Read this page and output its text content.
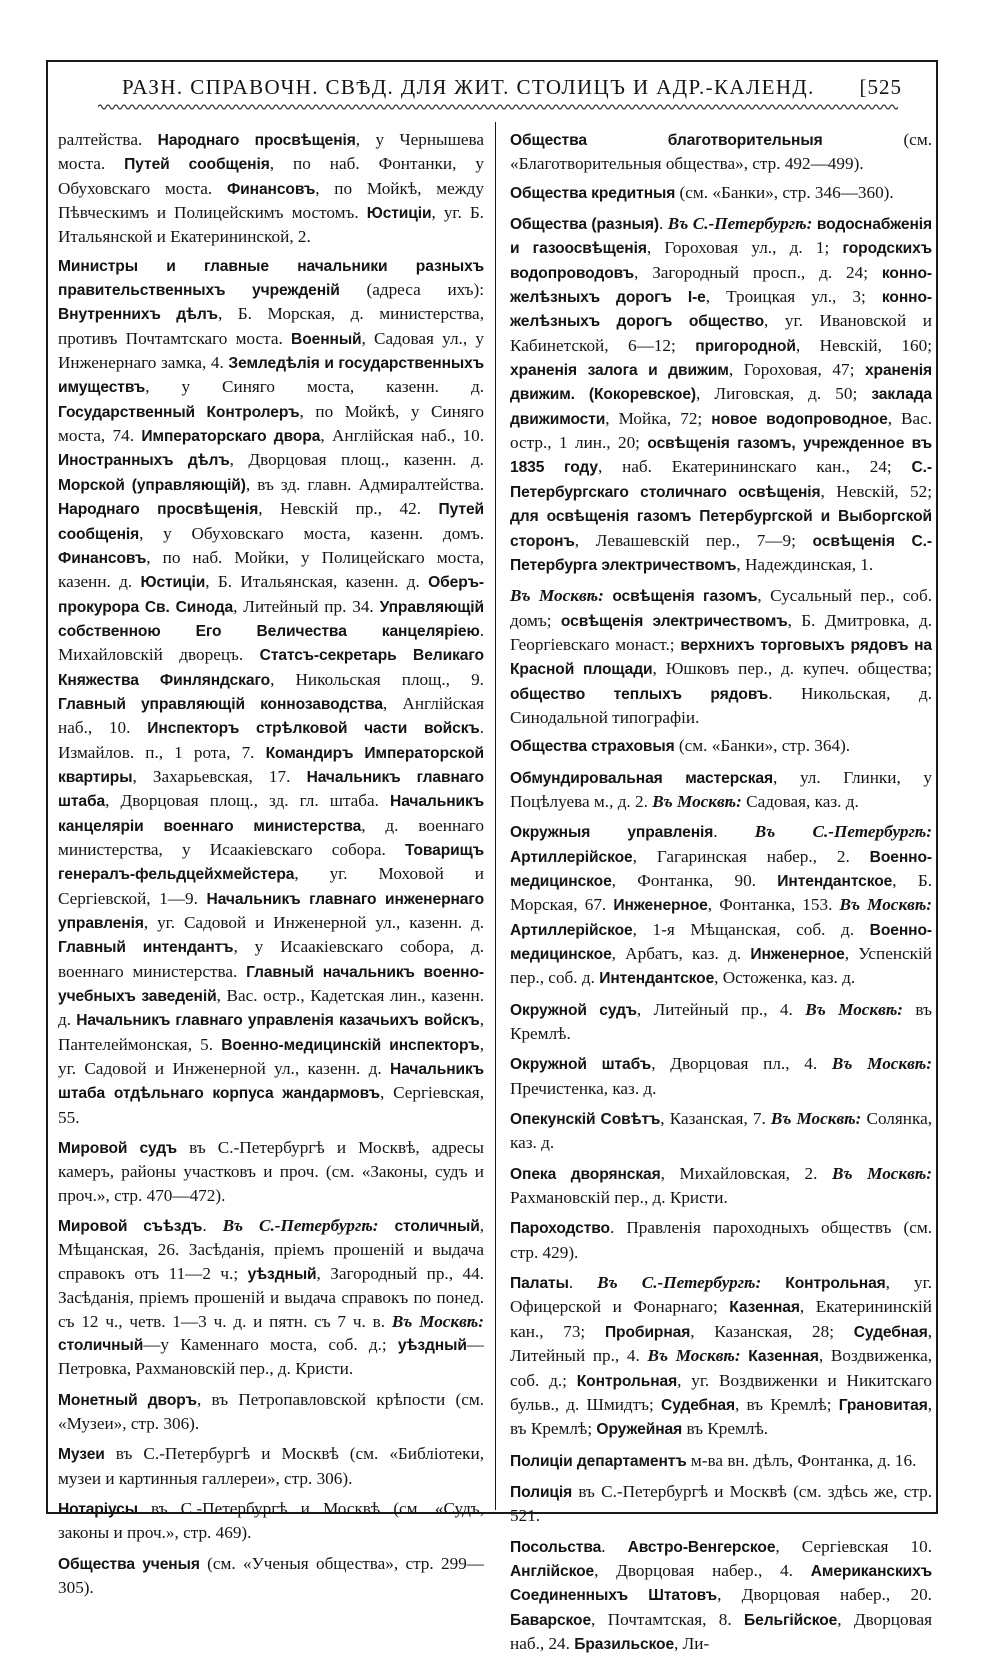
РАЗН. СПРАВОЧН. СВѢД. ДЛЯ ЖИТ. СТОЛИЦЪ И АДР.-КАЛЕНД. [525

ралтейства. Народнаго просвѣщенія, у Чернышева моста. Путей сообщенія, по наб. Фонтанки, у Обуховскаго моста. Финансовъ, по Мойкѣ, между Пѣвческимъ и Полицейскимъ мостомъ. Юстиціи, уг. Б. Итальянской и Екатерининской, 2.

Министры и главные начальники разныхъ правительственныхъ учрежденій (адреса ихъ): Внутреннихъ дѣлъ, Б. Морская, д. министерства, противъ Почтамтскаго моста. Военный, Садовая ул., у Инженернаго замка, 4. Земледѣлія и государственныхъ имуществъ, у Синяго моста, казенн. д. Государственный Контролеръ, по Мойкѣ, у Синяго моста, 74. Императорскаго двора, Англійская наб., 10. Иностранныхъ дѣлъ, Дворцовая площ., казенн. д. Морской (управляющій), въ зд. главн. Адмиралтейства. Народнаго просвѣщенія, Невскій пр., 42. Путей сообщенія, у Обуховскаго моста, казенн. домъ. Финансовъ, по наб. Мойки, у Полицейскаго моста, казенн. д. Юстиціи, Б. Итальянская, казенн. д. Оберъ-прокурора Св. Синода, Литейный пр. 34. Управляющій собственною Его Величества канцеляріею. Михайловскій дворецъ. Статсъ-секретарь Великаго Княжества Финляндскаго, Никольская площ., 9. Главный управляющій коннозаводства, Англійская наб., 10. Инспекторъ стрѣлковой части войскъ. Измайлов. п., 1 рота, 7. Командиръ Императорской квартиры, Захарьевская, 17. Начальникъ главнаго штаба, Дворцовая площ., зд. гл. штаба. Начальникъ канцеляріи военнаго министерства, д. военнаго министерства, у Исаакіевскаго собора. Товарищъ генералъ-фельдцейхмейстера, уг. Моховой и Сергіевской, 1—9. Начальникъ главнаго инженернаго управленія, уг. Садовой и Инженерной ул., казенн. д. Главный интендантъ, у Исаакіевскаго собора, д. военнаго министерства. Главный начальникъ военно-учебныхъ заведеній, Вас. остр., Кадетская лин., казенн. д. Начальникъ главнаго управленія казачьихъ войскъ, Пантелеймонская, 5. Военно-медицинскій инспекторъ, уг. Садовой и Инженерной ул., казенн. д. Начальникъ штаба отдѣльнаго корпуса жандармовъ, Сергіевская, 55.

Мировой судъ въ С.-Петербургѣ и Москвѣ, адресы камеръ, районы участковъ и проч. (см. «Законы, судъ и проч.», стр. 470—472).

Мировой съѣздъ. Въ С.-Петербургѣ: столичный, Мѣщанская, 26. Засѣданія, пріемъ прошеній и выдача справокъ отъ 11—2 ч.; уѣздный, Загородный пр., 44. Засѣданія, пріемъ прошеній и выдача справокъ по понед. съ 12 ч., четв. 1—3 ч. д. и пятн. съ 7 ч. в. Въ Москвѣ: столичный—у Каменнаго моста, соб. д.; уѣздный—Петровка, Рахмановскій пер., д. Кристи.

Монетный дворъ, въ Петропавловской крѣпости (см. «Музеи», стр. 306).

Музеи въ С.-Петербургѣ и Москвѣ (см. «Библіотеки, музеи и картинныя галлереи», стр. 306).

Нотаріусы въ С.-Петербургѣ и Москвѣ (см. «Судъ, законы и проч.», стр. 469).

Общества ученыя (см. «Ученыя общества», стр. 299—305).

Общества благотворительныя (см. «Благотворительныя общества», стр. 492—499).

Общества кредитныя (см. «Банки», стр. 346—360).

Общества (разныя). Въ С.-Петербургѣ: водоснабженія и газоосвѣщенія, Гороховая ул., д. 1; городскихъ водопроводовъ, Загородный просп., д. 24; конно-желѣзныхъ дорогъ I-е, Троицкая ул., 3; конно-желѣзныхъ дорогъ общество, уг. Ивановской и Кабинетской, 6—12; пригородной, Невскій, 160; храненія залога и движим, Гороховая, 47; храненія движим. (Кокоревское), Лиговская, д. 50; заклада движимости, Мойка, 72; новое водопроводное, Вас. остр., 1 лин., 20; освѣщенія газомъ, учрежденное въ 1835 году, наб. Екатерининскаго кан., 24; С.-Петербургскаго столичнаго освѣщенія, Невскій, 52; для освѣщенія газомъ Петербургской и Выборгской сторонъ, Левашевскій пер., 7—9; освѣщенія С.-Петербурга электричествомъ, Надеждинская, 1.

Въ Москвѣ: освѣщенія газомъ, Сусальный пер., соб. домъ; освѣщенія электричествомъ, Б. Дмитровка, д. Георгіевскаго монаст.; верхнихъ торговыхъ рядовъ на Красной площади, Юшковъ пер., д. купеч. общества; общество теплыхъ рядовъ. Никольская, д. Синодальной типографіи.

Общества страховыя (см. «Банки», стр. 364).

Обмундировальная мастерская, ул. Глинки, у Поцѣлуева м., д. 2. Въ Москвѣ: Садовая, каз. д.

Окружныя управленія. Въ С.-Петербургѣ: Артиллерійское, Гагаринская набер., 2. Военно-медицинское, Фонтанка, 90. Интендантское, Б. Морская, 67. Инженерное, Фонтанка, 153. Въ Москвѣ: Артиллерійское, 1-я Мѣщанская, соб. д. Военно-медицинское, Арбатъ, каз. д. Инженерное, Успенскій пер., соб. д. Интендантское, Остоженка, каз. д.

Окружной судъ, Литейный пр., 4. Въ Москвѣ: въ Кремлѣ.

Окружной штабъ, Дворцовая пл., 4. Въ Москвѣ: Пречистенка, каз. д.

Опекунскій Совѣтъ, Казанская, 7. Въ Москвѣ: Солянка, каз. д.

Опека дворянская, Михайловская, 2. Въ Москвѣ: Рахмановскій пер., д. Кристи.

Пароходство. Правленія пароходныхъ обществъ (см. стр. 429).

Палаты. Въ С.-Петербургѣ: Контрольная, уг. Офицерской и Фонарнаго; Казенная, Екатерининскій кан., 73; Пробирная, Казанская, 28; Судебная, Литейный пр., 4. Въ Москвѣ: Казенная, Воздвиженка, соб. д.; Контрольная, уг. Воздвиженки и Никитскаго бульв., д. Шмидтъ; Судебная, въ Кремлѣ; Грановитая, въ Кремлѣ; Оружейная въ Кремлѣ.

Полиціи департаментъ м-ва вн. дѣлъ, Фонтанка, д. 16.

Полиція въ С.-Петербургѣ и Москвѣ (см. здѣсь же, стр. 521.

Посольства. Австро-Венгерское, Сергіевская 10. Англійское, Дворцовая набер., 4. Американскихъ Соединенныхъ Штатовъ, Дворцовая набер., 20. Баварское, Почтамтская, 8. Бельгійское, Дворцовая наб., 24. Бразильское, Ли-
